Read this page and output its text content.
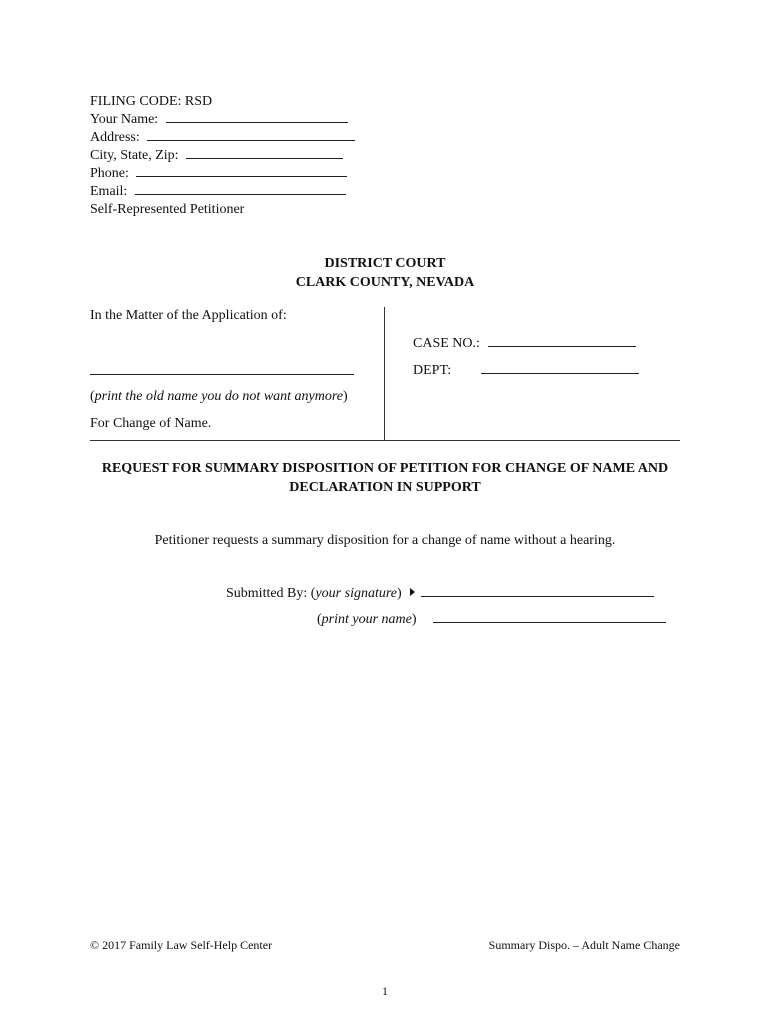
FILING CODE: RSD
Your Name:
Address:
City, State, Zip:
Phone:
Email:
Self-Represented Petitioner
DISTRICT COURT
CLARK COUNTY, NEVADA
In the Matter of the Application of:
(print the old name you do not want anymore)
For Change of Name.
CASE NO.:
DEPT:
REQUEST FOR SUMMARY DISPOSITION OF PETITION FOR CHANGE OF NAME AND DECLARATION IN SUPPORT
Petitioner requests a summary disposition for a change of name without a hearing.
Submitted By: (your signature)
(print your name)
© 2017 Family Law Self-Help Center	Summary Dispo. – Adult Name Change
1
